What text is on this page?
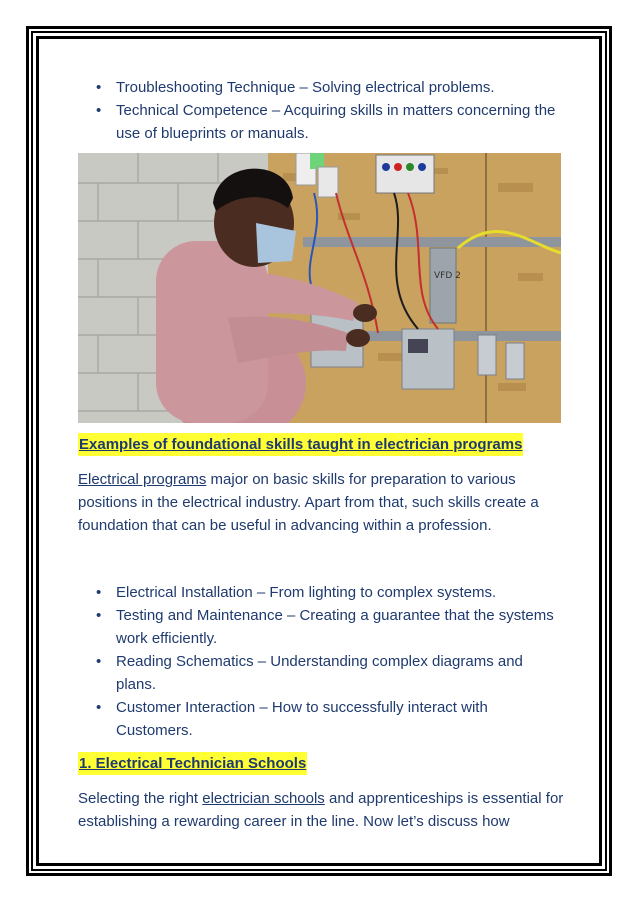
• Troubleshooting Technique – Solving electrical problems.
• Technical Competence – Acquiring skills in matters concerning the use of blueprints or manuals.
VFD 2
Examples of foundational skills taught in electrician programs

Electrical programs major on basic skills for preparation to various positions in the electrical industry. Apart from that, such skills create a foundation that can be useful in advancing within a profession.

• Electrical Installation – From lighting to complex systems.
• Testing and Maintenance – Creating a guarantee that the systems work efficiently.
• Reading Schematics – Understanding complex diagrams and plans.
• Customer Interaction – How to successfully interact with Customers.
1. Electrical Technician Schools

Selecting the right electrician schools and apprenticeships is essential for establishing a rewarding career in the line. Now let’s discuss how
